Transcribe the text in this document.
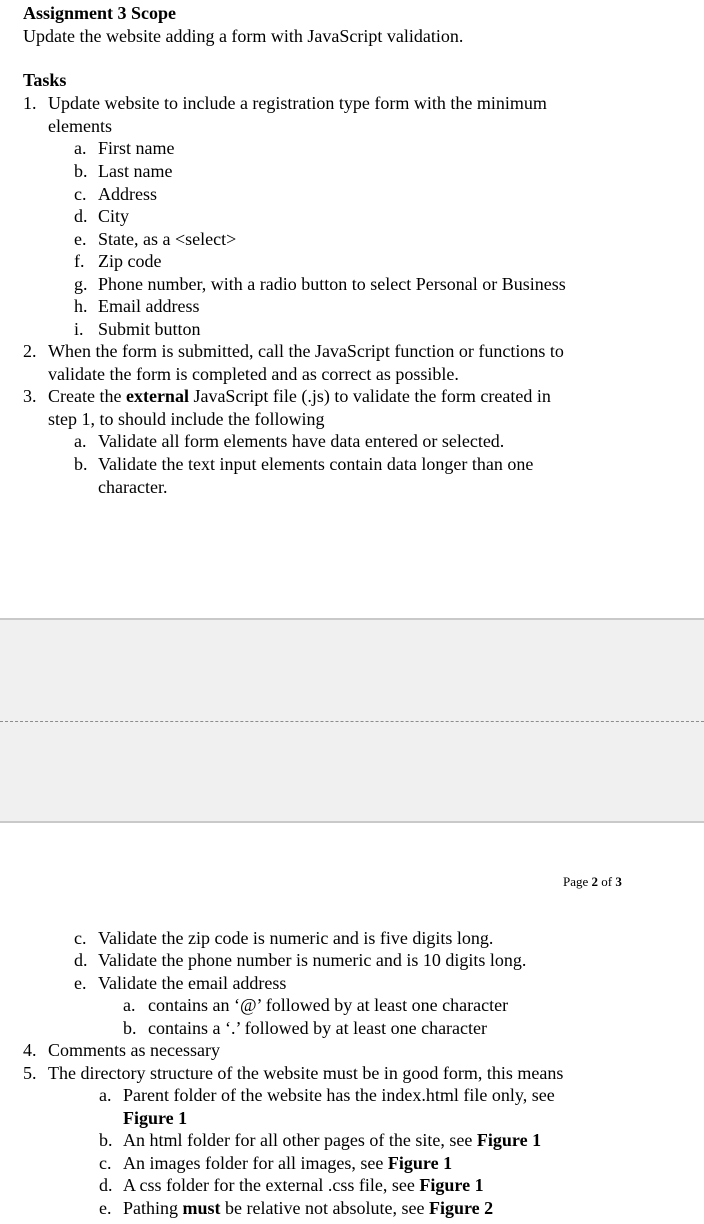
Assignment 3 Scope
Update the website adding a form with JavaScript validation.
Tasks
1. Update website to include a registration type form with the minimum
elements
a. First name
b. Last name
c. Address
d. City
e. State, as a <select>
f. Zip code
g. Phone number, with a radio button to select Personal or Business
h. Email address
i. Submit button
2. When the form is submitted, call the JavaScript function or functions to
validate the form is completed and as correct as possible.
3. Create the external JavaScript file (.js) to validate the form created in
step 1, to should include the following
a. Validate all form elements have data entered or selected.
b. Validate the text input elements contain data longer than one
character.
Page 2 of 3
c. Validate the zip code is numeric and is five digits long.
d. Validate the phone number is numeric and is 10 digits long.
e. Validate the email address
a. contains an ‘@’ followed by at least one character
b. contains a ‘.’ followed by at least one character
4. Comments as necessary
5. The directory structure of the website must be in good form, this means
a. Parent folder of the website has the index.html file only, see
Figure 1
b. An html folder for all other pages of the site, see Figure 1
c. An images folder for all images, see Figure 1
d. A css folder for the external .css file, see Figure 1
e. Pathing must be relative not absolute, see Figure 2
